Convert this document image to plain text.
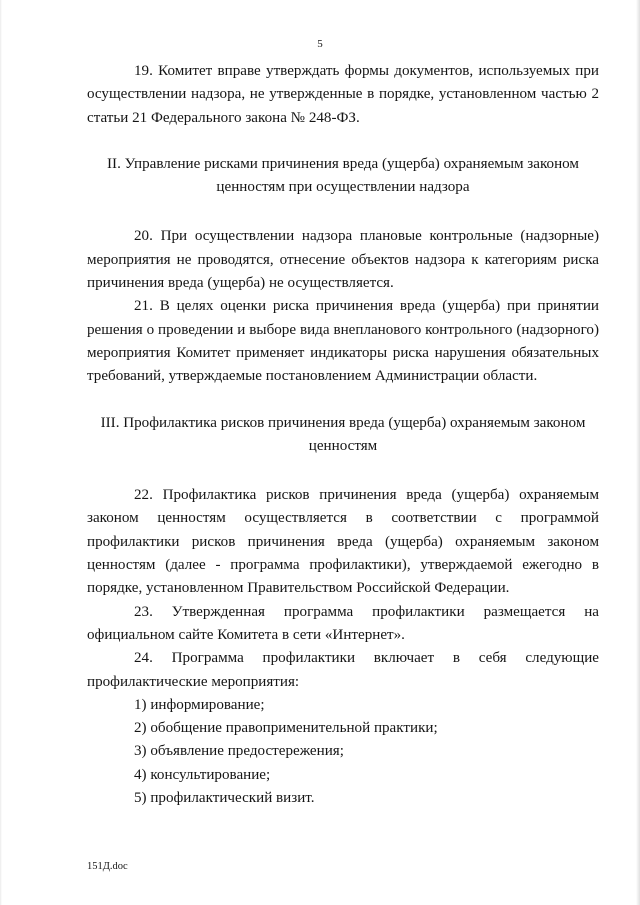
5

19. Комитет вправе утверждать формы документов, используемых при осуществлении надзора, не утвержденные в порядке, установленном частью 2 статьи 21 Федерального закона № 248-ФЗ.

II. Управление рисками причинения вреда (ущерба) охраняемым законом ценностям при осуществлении надзора

20. При осуществлении надзора плановые контрольные (надзорные) мероприятия не проводятся, отнесение объектов надзора к категориям риска причинения вреда (ущерба) не осуществляется.

21. В целях оценки риска причинения вреда (ущерба) при принятии решения о проведении и выборе вида внепланового контрольного (надзорного) мероприятия Комитет применяет индикаторы риска нарушения обязательных требований, утверждаемые постановлением Администрации области.

III. Профилактика рисков причинения вреда (ущерба) охраняемым законом ценностям

22. Профилактика рисков причинения вреда (ущерба) охраняемым законом ценностям осуществляется в соответствии с программой профилактики рисков причинения вреда (ущерба) охраняемым законом ценностям (далее - программа профилактики), утверждаемой ежегодно в порядке, установленном Правительством Российской Федерации.

23. Утвержденная программа профилактики размещается на официальном сайте Комитета в сети «Интернет».

24. Программа профилактики включает в себя следующие профилактические мероприятия:

1) информирование;

2) обобщение правоприменительной практики;

3) объявление предостережения;

4) консультирование;

5) профилактический визит.

151Д.doc
